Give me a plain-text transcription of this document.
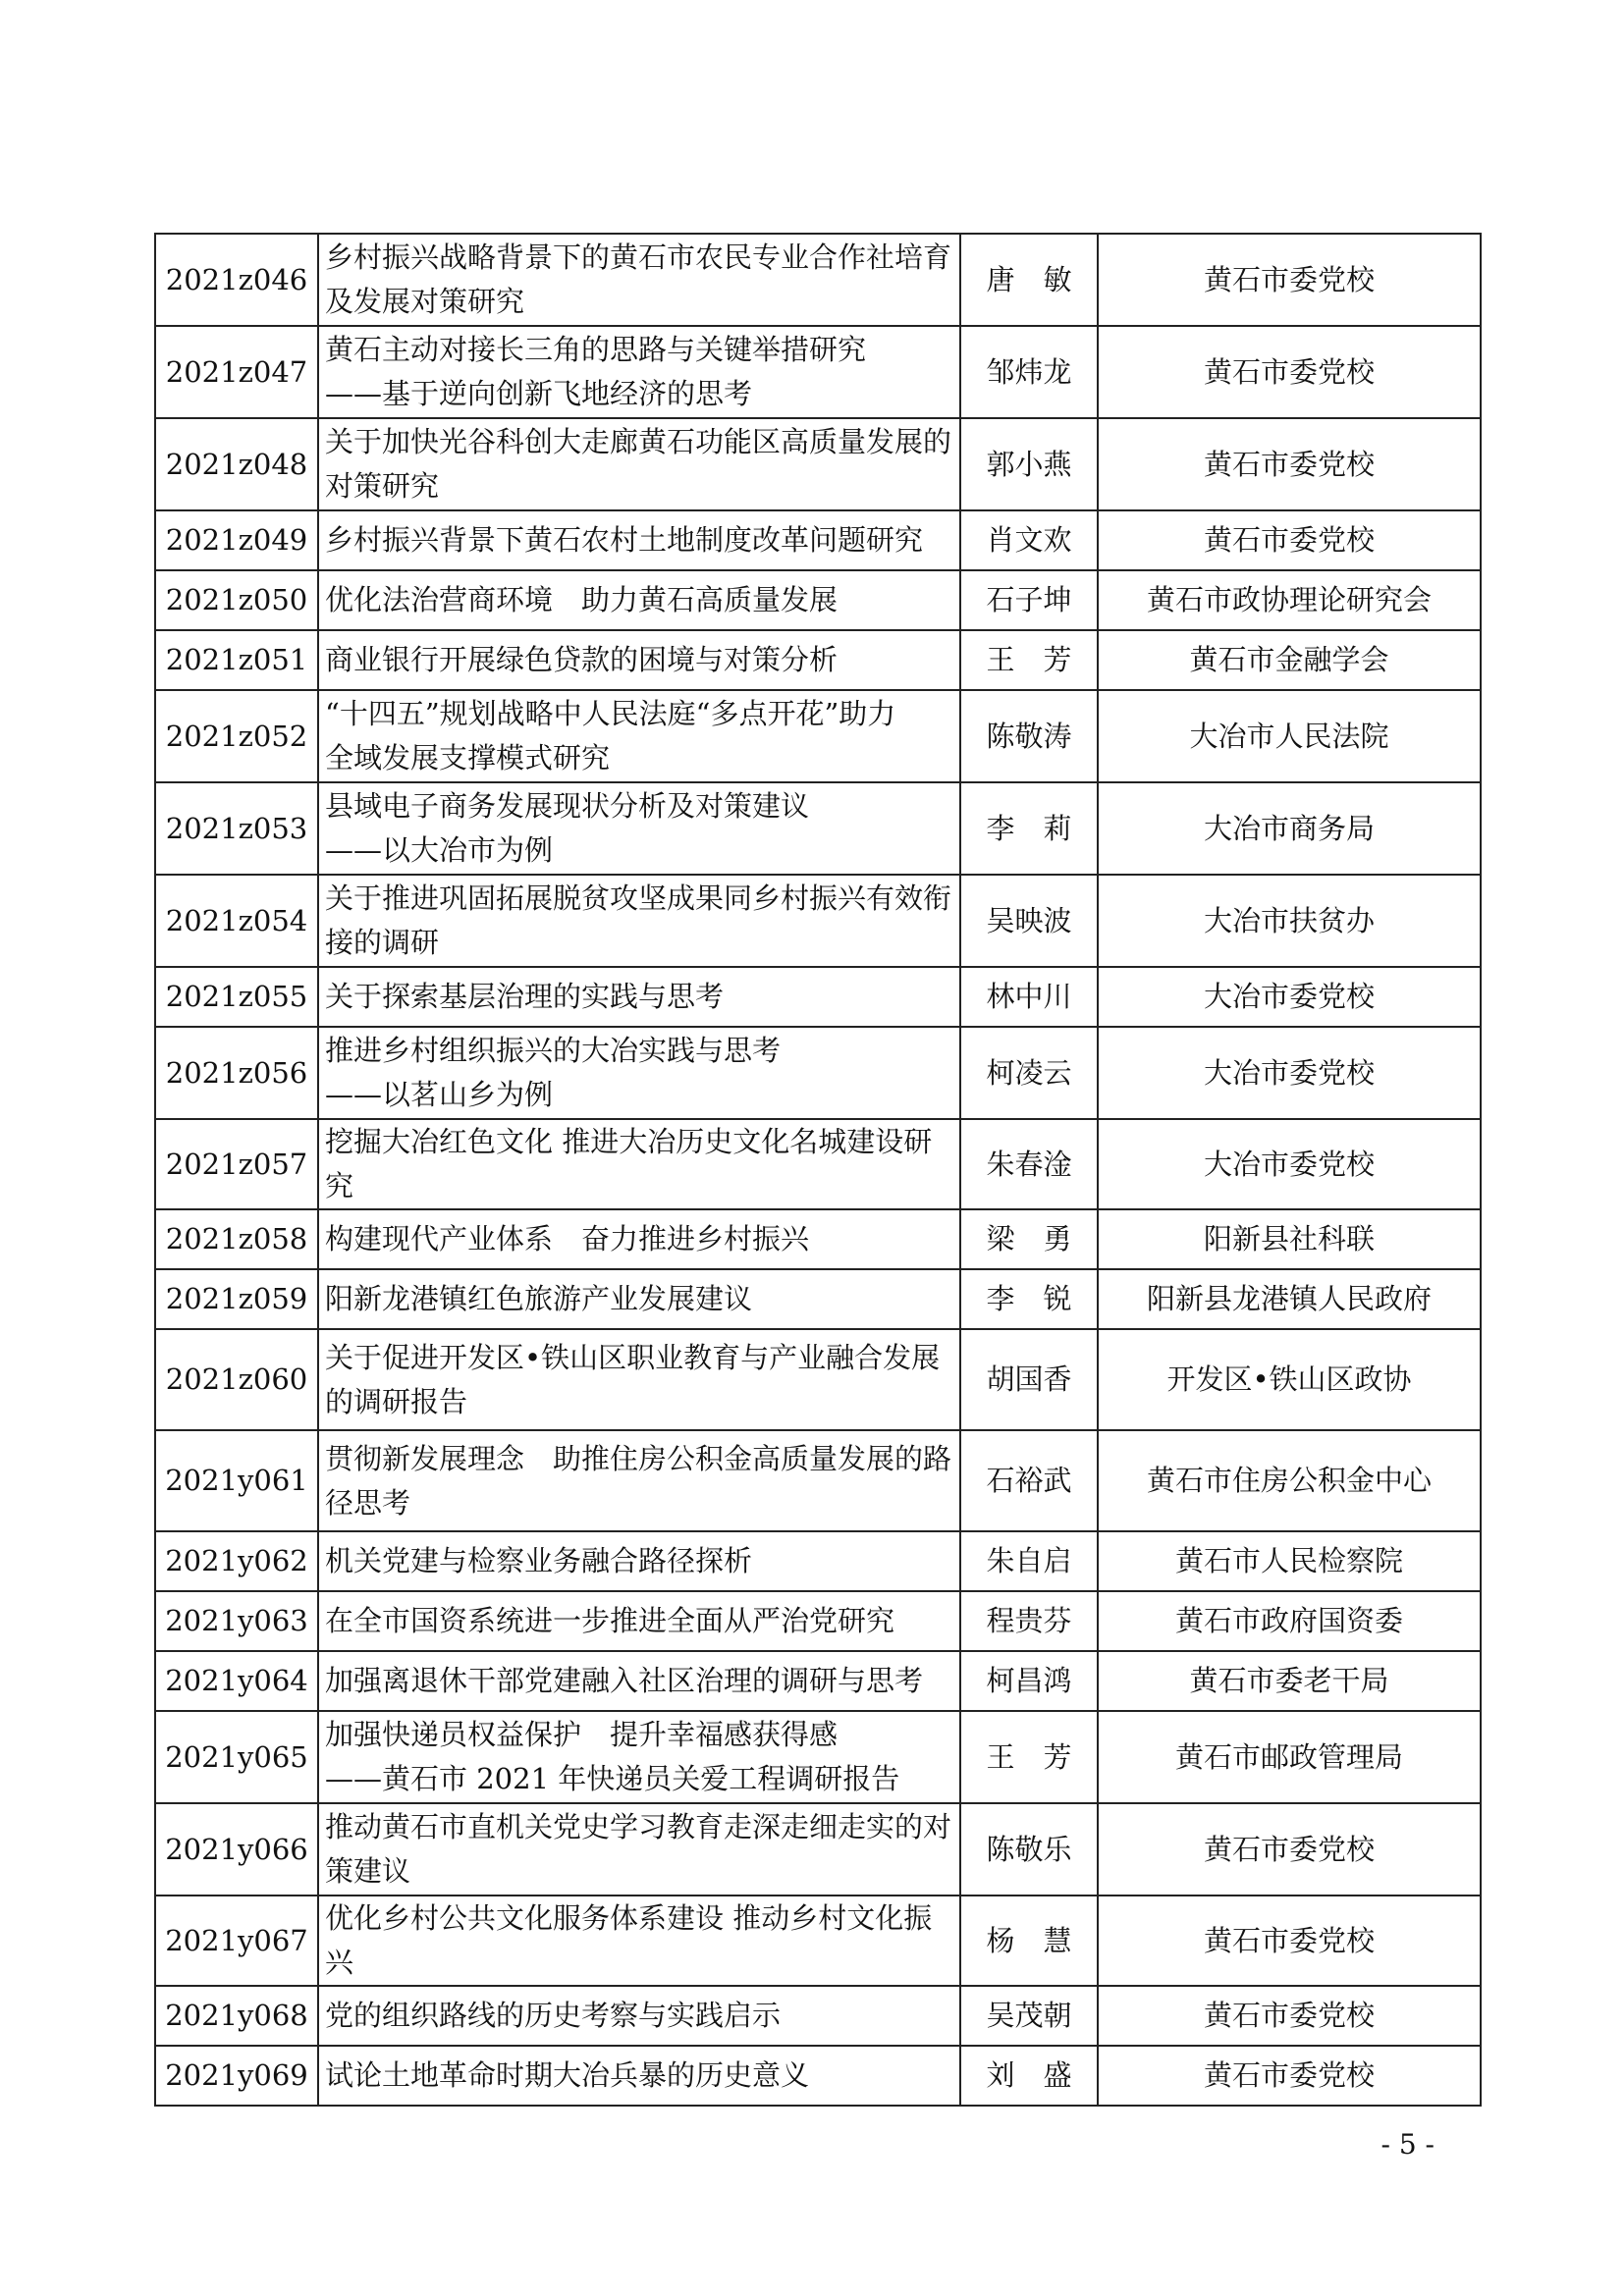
2021z046	乡村振兴战略背景下的黄石市农民专业合作社培育
及发展对策研究	唐　敏	黄石市委党校
2021z047	黄石主动对接长三角的思路与关键举措研究
——基于逆向创新飞地经济的思考	邹炜龙	黄石市委党校
2021z048	关于加快光谷科创大走廊黄石功能区高质量发展的
对策研究	郭小燕	黄石市委党校
2021z049	乡村振兴背景下黄石农村土地制度改革问题研究	肖文欢	黄石市委党校
2021z050	优化法治营商环境　助力黄石高质量发展	石子坤	黄石市政协理论研究会
2021z051	商业银行开展绿色贷款的困境与对策分析	王　芳	黄石市金融学会
2021z052	“十四五”规划战略中人民法庭“多点开花”助力
全域发展支撑模式研究	陈敬涛	大冶市人民法院
2021z053	县域电子商务发展现状分析及对策建议
——以大冶市为例	李　莉	大冶市商务局
2021z054	关于推进巩固拓展脱贫攻坚成果同乡村振兴有效衔
接的调研	吴映波	大冶市扶贫办
2021z055	关于探索基层治理的实践与思考	林中川	大冶市委党校
2021z056	推进乡村组织振兴的大冶实践与思考
——以茗山乡为例	柯凌云	大冶市委党校
2021z057	挖掘大冶红色文化 推进大冶历史文化名城建设研究	朱春淦	大冶市委党校
2021z058	构建现代产业体系　奋力推进乡村振兴	梁　勇	阳新县社科联
2021z059	阳新龙港镇红色旅游产业发展建议	李　锐	阳新县龙港镇人民政府
2021z060	关于促进开发区•铁山区职业教育与产业融合发展
的调研报告	胡国香	开发区•铁山区政协
2021y061	贯彻新发展理念　助推住房公积金高质量发展的路
径思考	石裕武	黄石市住房公积金中心
2021y062	机关党建与检察业务融合路径探析	朱自启	黄石市人民检察院
2021y063	在全市国资系统进一步推进全面从严治党研究	程贵芬	黄石市政府国资委
2021y064	加强离退休干部党建融入社区治理的调研与思考	柯昌鸿	黄石市委老干局
2021y065	加强快递员权益保护　提升幸福感获得感
——黄石市 2021 年快递员关爱工程调研报告	王　芳	黄石市邮政管理局
2021y066	推动黄石市直机关党史学习教育走深走细走实的对
策建议	陈敬乐	黄石市委党校
2021y067	优化乡村公共文化服务体系建设 推动乡村文化振兴	杨　慧	黄石市委党校
2021y068	党的组织路线的历史考察与实践启示	吴茂朝	黄石市委党校
2021y069	试论土地革命时期大冶兵暴的历史意义	刘　盛	黄石市委党校
- 5 -
